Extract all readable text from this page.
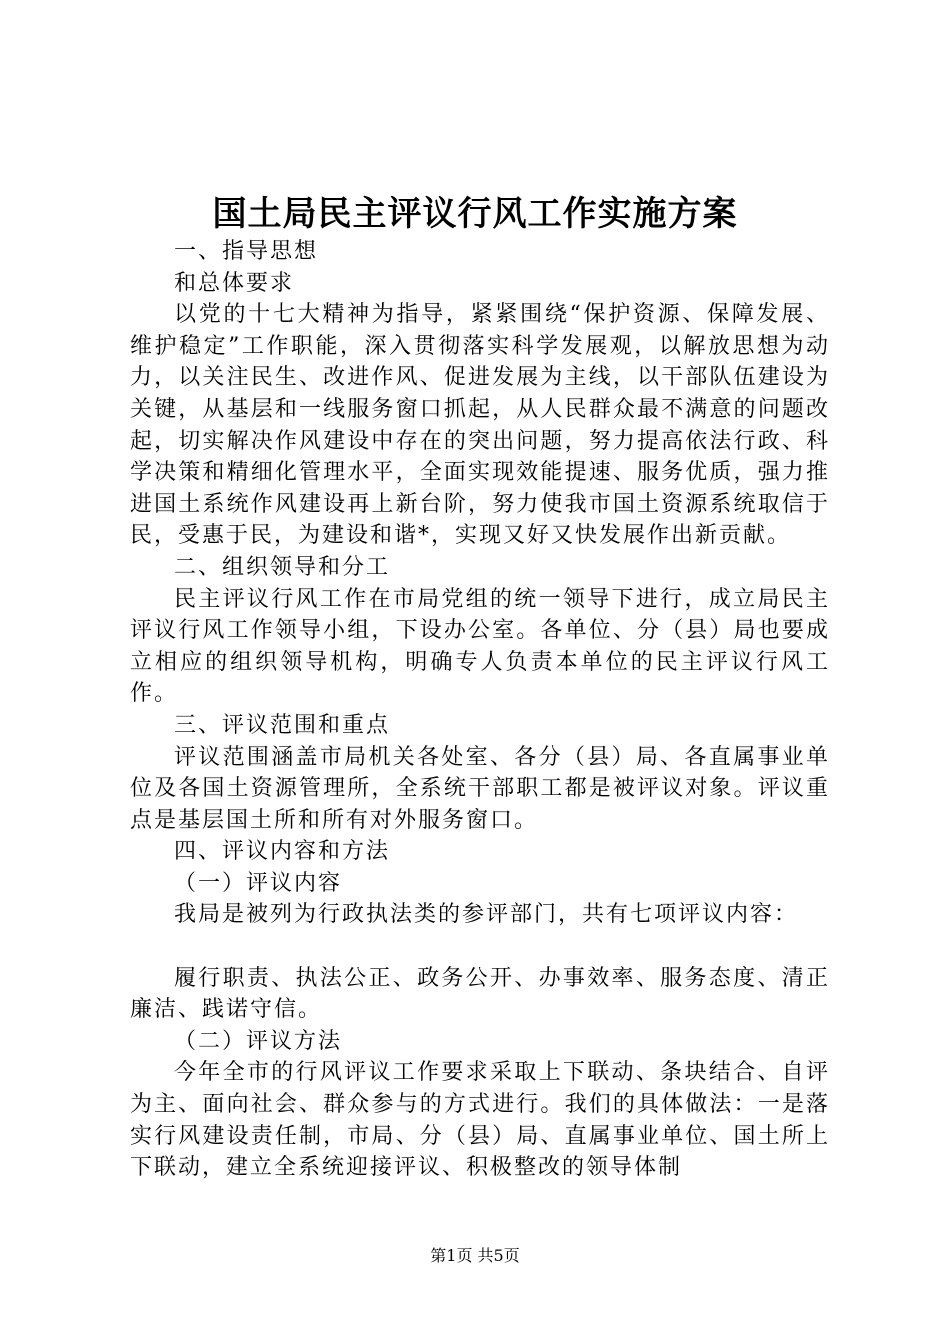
国土局民主评议行风工作实施方案

一、指导思想

和总体要求

以党的十七大精神为指导，紧紧围绕“保护资源、保障发展、维护稳定”工作职能，深入贯彻落实科学发展观，以解放思想为动力，以关注民生、改进作风、促进发展为主线，以干部队伍建设为关键，从基层和一线服务窗口抓起，从人民群众最不满意的问题改起，切实解决作风建设中存在的突出问题，努力提高依法行政、科学决策和精细化管理水平，全面实现效能提速、服务优质，强力推进国土系统作风建设再上新台阶，努力使我市国土资源系统取信于民，受惠于民，为建设和谐*，实现又好又快发展作出新贡献。

二、组织领导和分工

民主评议行风工作在市局党组的统一领导下进行，成立局民主评议行风工作领导小组，下设办公室。各单位、分（县）局也要成立相应的组织领导机构，明确专人负责本单位的民主评议行风工作。

三、评议范围和重点

评议范围涵盖市局机关各处室、各分（县）局、各直属事业单位及各国土资源管理所，全系统干部职工都是被评议对象。评议重点是基层国土所和所有对外服务窗口。

四、评议内容和方法

（一）评议内容

我局是被列为行政执法类的参评部门，共有七项评议内容：

履行职责、执法公正、政务公开、办事效率、服务态度、清正廉洁、践诺守信。

（二）评议方法

今年全市的行风评议工作要求采取上下联动、条块结合、自评为主、面向社会、群众参与的方式进行。我们的具体做法：一是落实行风建设责任制，市局、分（县）局、直属事业单位、国土所上下联动，建立全系统迎接评议、积极整改的领导体制

第1页 共5页
